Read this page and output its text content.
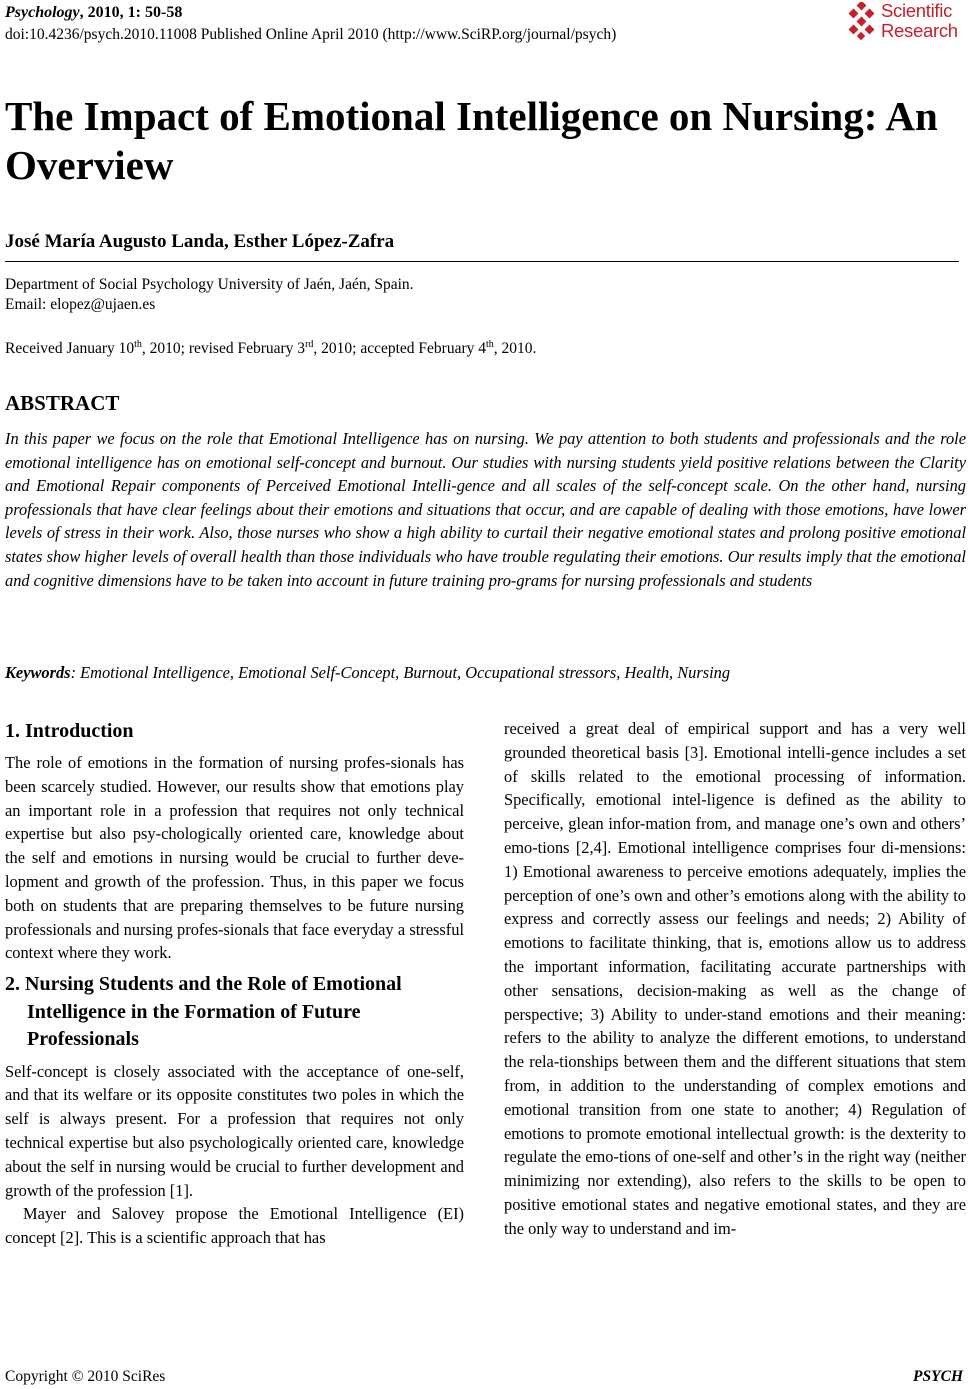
Psychology, 2010, 1: 50-58
doi:10.4236/psych.2010.11008 Published Online April 2010 (http://www.SciRP.org/journal/psych)
Scientific
Research
The Impact of Emotional Intelligence on Nursing: An Overview
José María Augusto Landa, Esther López-Zafra
Department of Social Psychology University of Jaén, Jaén, Spain.
Email: elopez@ujaen.es
Received January 10th, 2010; revised February 3rd, 2010; accepted February 4th, 2010.
ABSTRACT
In this paper we focus on the role that Emotional Intelligence has on nursing. We pay attention to both students and professionals and the role emotional intelligence has on emotional self-concept and burnout. Our studies with nursing students yield positive relations between the Clarity and Emotional Repair components of Perceived Emotional Intelli-gence and all scales of the self-concept scale. On the other hand, nursing professionals that have clear feelings about their emotions and situations that occur, and are capable of dealing with those emotions, have lower levels of stress in their work. Also, those nurses who show a high ability to curtail their negative emotional states and prolong positive emotional states show higher levels of overall health than those individuals who have trouble regulating their emotions. Our results imply that the emotional and cognitive dimensions have to be taken into account in future training pro-grams for nursing professionals and students
Keywords: Emotional Intelligence, Emotional Self-Concept, Burnout, Occupational stressors, Health, Nursing
1. Introduction

The role of emotions in the formation of nursing profes-sionals has been scarcely studied. However, our results show that emotions play an important role in a profession that requires not only technical expertise but also psy-chologically oriented care, knowledge about the self and emotions in nursing would be crucial to further deve-lopment and growth of the profession. Thus, in this paper we focus both on students that are preparing themselves to be future nursing professionals and nursing profes-sionals that face everyday a stressful context where they work.

2. Nursing Students and the Role of Emotional Intelligence in the Formation of Future Professionals

Self-concept is closely associated with the acceptance of one-self, and that its welfare or its opposite constitutes two poles in which the self is always present. For a profession that requires not only technical expertise but also psychologically oriented care, knowledge about the self in nursing would be crucial to further development and growth of the profession [1].

Mayer and Salovey propose the Emotional Intelligence (EI) concept [2]. This is a scientific approach that has

received a great deal of empirical support and has a very well grounded theoretical basis [3]. Emotional intelli-gence includes a set of skills related to the emotional processing of information. Specifically, emotional intel-ligence is defined as the ability to perceive, glean infor-mation from, and manage one’s own and others’ emo-tions [2,4]. Emotional intelligence comprises four di-mensions: 1) Emotional awareness to perceive emotions adequately, implies the perception of one’s own and other’s emotions along with the ability to express and correctly assess our feelings and needs; 2) Ability of emotions to facilitate thinking, that is, emotions allow us to address the important information, facilitating accurate partnerships with other sensations, decision-making as well as the change of perspective; 3) Ability to under-stand emotions and their meaning: refers to the ability to analyze the different emotions, to understand the rela-tionships between them and the different situations that stem from, in addition to the understanding of complex emotions and emotional transition from one state to another; 4) Regulation of emotions to promote emotional intellectual growth: is the dexterity to regulate the emo-tions of one-self and other’s in the right way (neither minimizing nor extending), also refers to the skills to be open to positive emotional states and negative emotional states, and they are the only way to understand and im-

Copyright © 2010 SciRes	PSYCH
